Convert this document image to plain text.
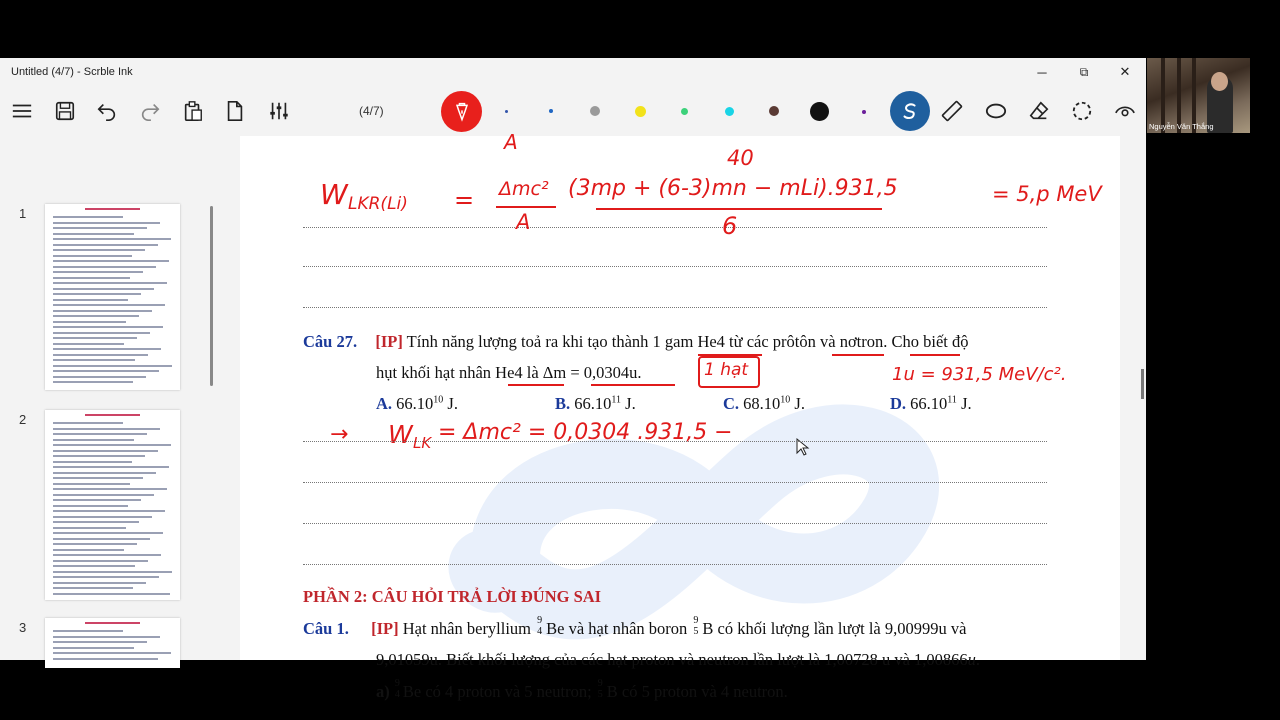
Untitled (4/7) - Scrble Ink	─	⧉	✕
(4/7)
1
2
3
A
40
W LKR(Li) = Δmc²
A
(3mp + (6-3)mn − mLi).931,5
6
= 5,p MeV
Câu 27. [IP] Tính năng lượng toả ra khi tạo thành 1 gam He4 từ các prôtôn và nơtron. Cho biết độ
hụt khối hạt nhân He4 là Δm = 0,0304u.	1 hạt	1u = 931,5 MeV/c².
A. 66.10$^{10}$ J.	B. 66.10$^{11}$ J.	C. 68.10$^{10}$ J.	D. 66.10$^{11}$ J.
→ W LK = Δmc² = 0,0304 .931,5 −
PHẦN 2: CÂU HỎI TRẢ LỜI ĐÚNG SAI
Câu 1. [IP] Hạt nhân beryllium 9
4 Be và hạt nhân boron 9
5 B có khối lượng lần lượt là 9,00999u và
9,01059u. Biết khối lượng của các hạt proton và neutron lần lượt là 1,00728 u và 1,00866u.
a) 9
4 Be có 4 proton và 5 neutron; 9
5 B có 5 proton và 4 neutron.
Nguyễn Văn Thắng
